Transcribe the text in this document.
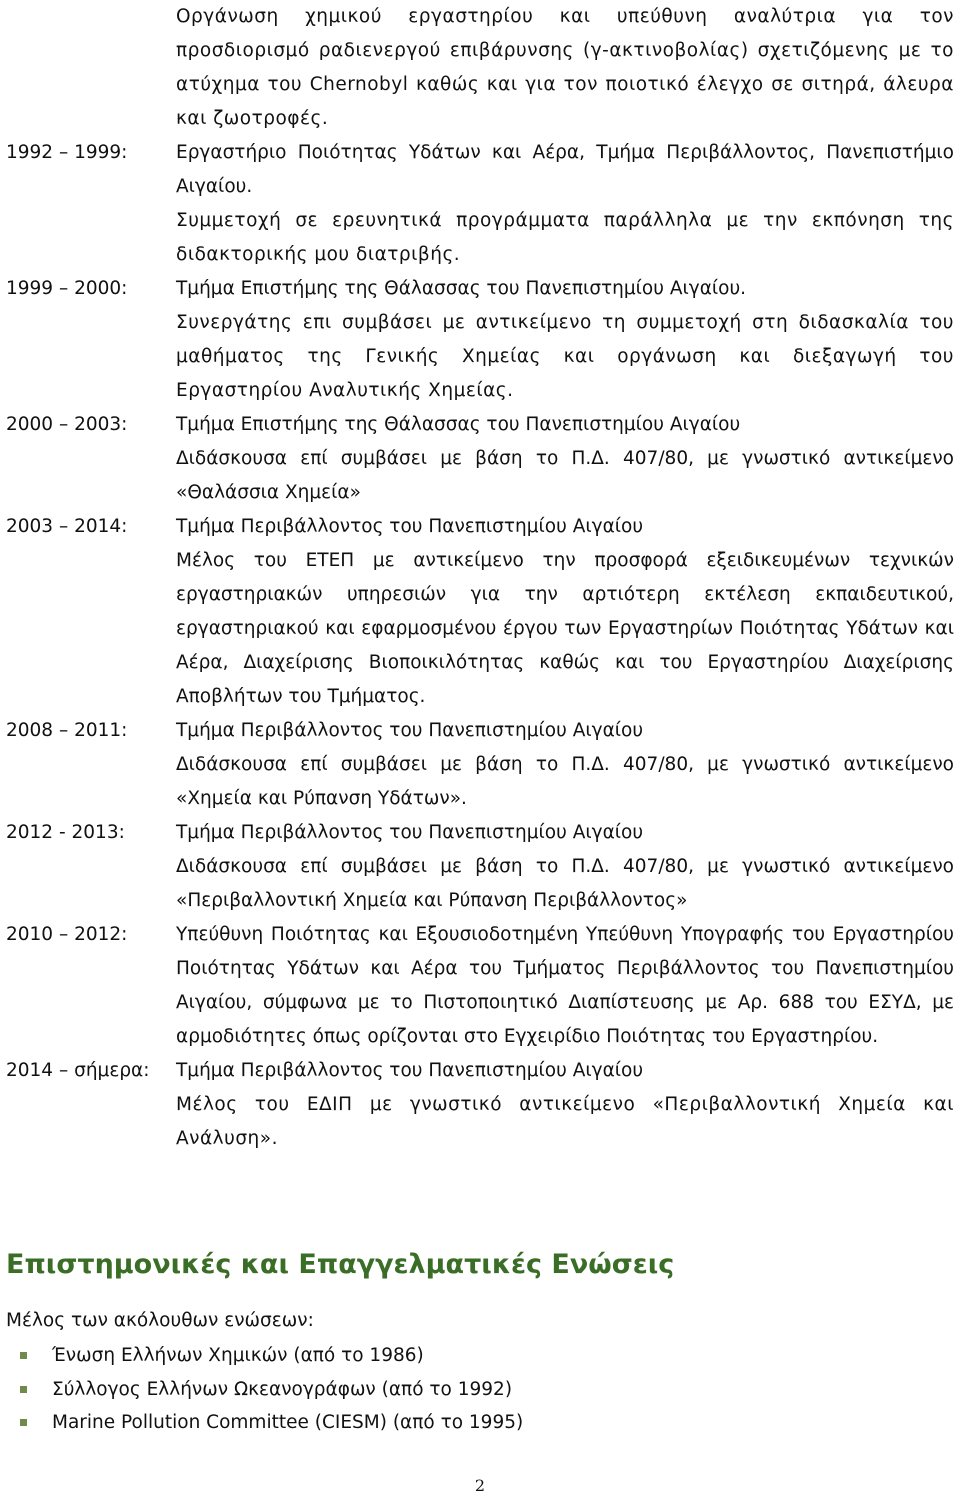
Οργάνωση χημικού εργαστηρίου και υπεύθυνη αναλύτρια για τον προσδιορισμό ραδιενεργού επιβάρυνσης (γ-ακτινοβολίας) σχετιζόμενης με το ατύχημα του Chernobyl καθώς και για τον ποιοτικό έλεγχο σε σιτηρά, άλευρα και ζωοτροφές.

1992 – 1999:	Εργαστήριο Ποιότητας Υδάτων και Αέρα, Τμήμα Περιβάλλοντος, Πανεπιστήμιο Αιγαίου.

Συμμετοχή σε ερευνητικά προγράμματα παράλληλα με την εκπόνηση της διδακτορικής μου διατριβής.

1999 – 2000:	Τμήμα Επιστήμης της Θάλασσας του Πανεπιστημίου Αιγαίου.

Συνεργάτης επι συμβάσει με αντικείμενο τη συμμετοχή στη διδασκαλία του μαθήματος της Γενικής Χημείας και οργάνωση και διεξαγωγή του Εργαστηρίου Αναλυτικής Χημείας.

2000 – 2003:	Τμήμα Επιστήμης της Θάλασσας του Πανεπιστημίου Αιγαίου

Διδάσκουσα επί συμβάσει με βάση το Π.Δ. 407/80, με γνωστικό αντικείμενο «Θαλάσσια Χημεία»

2003 – 2014:	Τμήμα Περιβάλλοντος του Πανεπιστημίου Αιγαίου

Μέλος του ΕΤΕΠ με αντικείμενο την προσφορά εξειδικευμένων τεχνικών εργαστηριακών υπηρεσιών για την αρτιότερη εκτέλεση εκπαιδευτικού, εργαστηριακού και εφαρμοσμένου έργου των Εργαστηρίων Ποιότητας Υδάτων και Αέρα, Διαχείρισης Βιοποικιλότητας καθώς και του Εργαστηρίου Διαχείρισης Αποβλήτων του Τμήματος.

2008 – 2011:	Τμήμα Περιβάλλοντος του Πανεπιστημίου Αιγαίου

Διδάσκουσα επί συμβάσει με βάση το Π.Δ. 407/80, με γνωστικό αντικείμενο «Χημεία και Ρύπανση Υδάτων».

2012 - 2013:	Τμήμα Περιβάλλοντος του Πανεπιστημίου Αιγαίου

Διδάσκουσα επί συμβάσει με βάση το Π.Δ. 407/80, με γνωστικό αντικείμενο «Περιβαλλοντική Χημεία και Ρύπανση Περιβάλλοντος»

2010 – 2012:	Υπεύθυνη Ποιότητας και Εξουσιοδοτημένη Υπεύθυνη Υπογραφής του Εργαστηρίου Ποιότητας Υδάτων και Αέρα του Τμήματος Περιβάλλοντος του Πανεπιστημίου Αιγαίου, σύμφωνα με το Πιστοποιητικό Διαπίστευσης με Αρ. 688 του ΕΣΥΔ, με αρμοδιότητες όπως ορίζονται στο Εγχειρίδιο Ποιότητας του Εργαστηρίου.

2014 – σήμερα:	Τμήμα Περιβάλλοντος του Πανεπιστημίου Αιγαίου

Μέλος του ΕΔΙΠ με γνωστικό αντικείμενο «Περιβαλλοντική Χημεία και Ανάλυση».

Επιστημονικές και Επαγγελματικές Ενώσεις

Μέλος των ακόλουθων ενώσεων:

Ένωση Ελλήνων Χημικών (από το 1986)
Σύλλογος Ελλήνων Ωκεανογράφων (από το 1992)
Marine Pollution Committee (CIESM) (από το 1995)
2
